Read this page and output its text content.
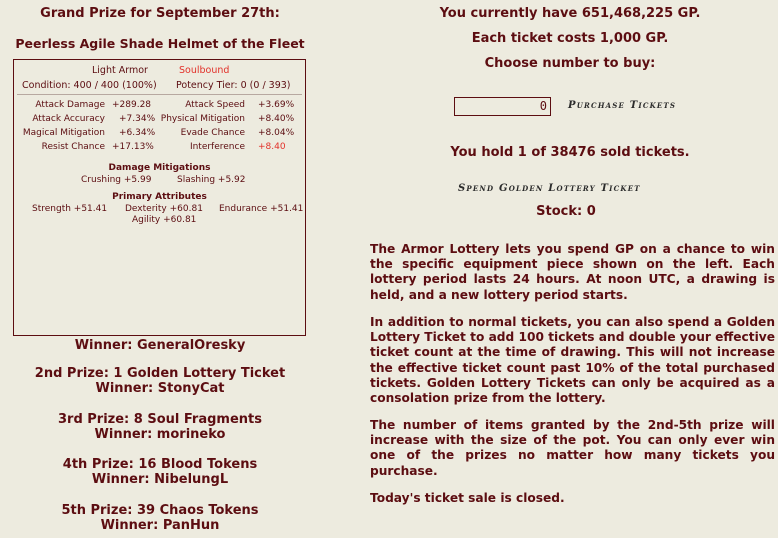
Grand Prize for September 27th:
Peerless Agile Shade Helmet of the Fleet
Light Armor	Soulbound
Condition: 400 / 400 (100%) Potency Tier: 0 (0 / 393)
Attack Damage +289.28	Attack Speed +3.69%
Attack Accuracy +7.34% Physical Mitigation +8.40%
Magical Mitigation +6.34%	Evade Chance +8.04%
Resist Chance +17.13%	Interference +8.40
Damage Mitigations
Crushing +5.99	Slashing +5.92
Primary Attributes
Strength +51.41 Dexterity +60.81 Endurance +51.41
Agility +60.81
Winner: GeneralOresky
2nd Prize: 1 Golden Lottery Ticket
Winner: StonyCat
3rd Prize: 8 Soul Fragments
Winner: morineko
4th Prize: 16 Blood Tokens
Winner: NibelungL
5th Prize: 39 Chaos Tokens
Winner: PanHun
You currently have 651,468,225 GP.
Each ticket costs 1,000 GP.
Choose number to buy:
0	Purchase Tickets
You hold 1 of 38476 sold tickets.
Spend Golden Lottery Ticket
Stock: 0
The Armor Lottery lets you spend GP on a chance to win the specific equipment piece shown on the left. Each lottery period lasts 24 hours. At noon UTC, a drawing is held, and a new lottery period starts.
In addition to normal tickets, you can also spend a Golden Lottery Ticket to add 100 tickets and double your effective ticket count at the time of drawing. This will not increase the effective ticket count past 10% of the total purchased tickets. Golden Lottery Tickets can only be acquired as a consolation prize from the lottery.
The number of items granted by the 2nd-5th prize will increase with the size of the pot. You can only ever win one of the prizes no matter how many tickets you purchase.
Today's ticket sale is closed.
